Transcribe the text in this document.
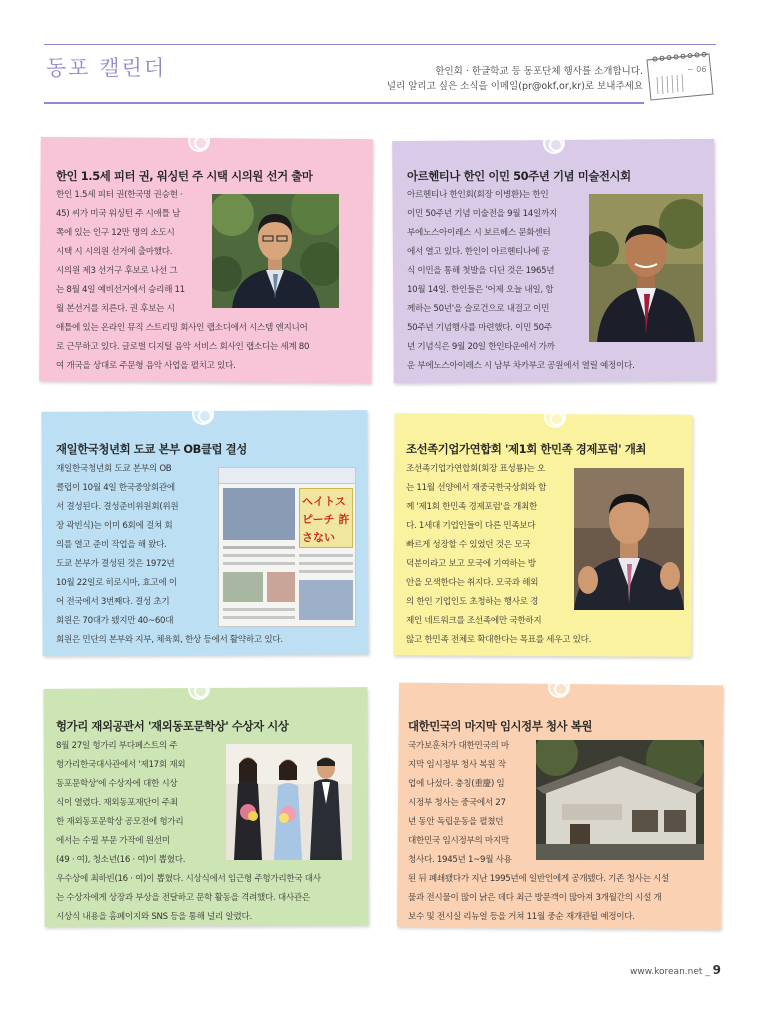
동포 캘린더	한인회 · 한글학교 등 동포단체 행사를 소개합니다.
널리 알리고 싶은 소식을 이메일(pr@okf,or,kr)로 보내주세요
~ 06
한인 1.5세 피터 권, 워싱턴 주 시택 시의원 선거 출마
한인 1.5세 피터 권(한국명 권승현 ·
45) 씨가 미국 워싱턴 주 시애틀 남
쪽에 있는 인구 12만 명의 소도시
시택 시 시의원 선거에 출마했다.
시의원 제3 선거구 후보로 나선 그
는 8월 4일 예비선거에서 승리해 11
월 본선거를 치른다. 권 후보는 시
애틀에 있는 온라인 뮤직 스트리밍 회사인 랩소디에서 시스템 엔지니어
로 근무하고 있다. 글로벌 디지털 음악 서비스 회사인 랩소디는 세계 80
여 개국을 상대로 주문형 음악 사업을 펼치고 있다.
아르헨티나 한인 이민 50주년 기념 미술전시회
아르헨티나 한인회(회장 이병환)는 한인
이민 50주년 기념 미술전을 9월 14일까지
부에노스아이레스 시 보르헤스 문화센터
에서 열고 있다. 한인이 아르헨티나에 공
식 이민을 통해 첫발을 디딘 것은 1965년
10월 14일. 한인들은 '어제 오늘 내일, 함
께하는 50년'을 슬로건으로 내걸고 이민
50주년 기념행사를 마련했다. 이민 50주
년 기념식은 9월 20일 한인타운에서 가까
운 부에노스아이레스 시 남부 차카부코 공원에서 열릴 예정이다.
재일한국청년회 도쿄 본부 OB클럽 결성
재일한국청년회 도쿄 본부의 OB
클럽이 10월 4일 한국중앙회관에
서 결성된다. 결성준비위원회(위원
장 곽빈식)는 이미 6회에 걸쳐 회
의를 열고 준비 작업을 해 왔다.
도쿄 본부가 결성된 것은 1972년
10월 22일로 히로시마, 효고에 이
어 전국에서 3번째다. 결성 초기
회원은 70대가 됐지만 40~60대
회원은 민단의 본부와 지부, 체육회, 한상 등에서 활약하고 있다.
ヘイトスピーチ 許さない
조선족기업가연합회 '제1회 한민족 경제포럼' 개최
조선족기업가연합회(회장 표성룡)는 오
는 11월 선양에서 재중국한국상회와 함
께 '제1회 한민족 경제포럼'을 개최한
다. 1세대 기업인들이 다른 민족보다
빠르게 성장할 수 있었던 것은 모국
덕분이라고 보고 모국에 기여하는 방
안을 모색한다는 취지다. 모국과 해외
의 한인 기업인도 초청하는 행사로 경
제인 네트워크를 조선족에만 국한하지
않고 한민족 전체로 확대한다는 목표를 세우고 있다.
헝가리 재외공관서 '재외동포문학상' 수상자 시상
8월 27일 헝가리 부다페스트의 주
헝가리한국대사관에서 '제17회 재외
동포문학상'에 수상자에 대한 시상
식이 열렸다. 재외동포재단이 주최
한 재외동포문학상 공모전에 헝가리
에서는 수필 부문 가작에 원선미
(49 · 여), 청소년(16 · 여)이 뽑혔다.
우수상에 최하빈(16 · 여)이 뽑혔다. 시상식에서 임근형 주헝가리한국 대사
는 수상자에게 상장과 부상을 전달하고 문학 활동을 격려했다. 대사관은
시상식 내용을 홈페이지와 SNS 등을 통해 널리 알렸다.
대한민국의 마지막 임시정부 청사 복원
국가보훈처가 대한민국의 마
지막 임시정부 청사 복원 작
업에 나섰다. 충칭(重慶) 임
시정부 청사는 중국에서 27
년 동안 독립운동을 펼쳤던
대한민국 임시정부의 마지막
청사다. 1945년 1~9월 사용
된 뒤 폐쇄됐다가 지난 1995년에 일반인에게 공개됐다. 기존 청사는 시설
물과 전시물이 많이 낡은 데다 최근 방문객이 많아져 3개월간의 시설 개
보수 및 전시실 리뉴얼 등을 거쳐 11월 중순 재개관될 예정이다.
www.korean.net _ 9
